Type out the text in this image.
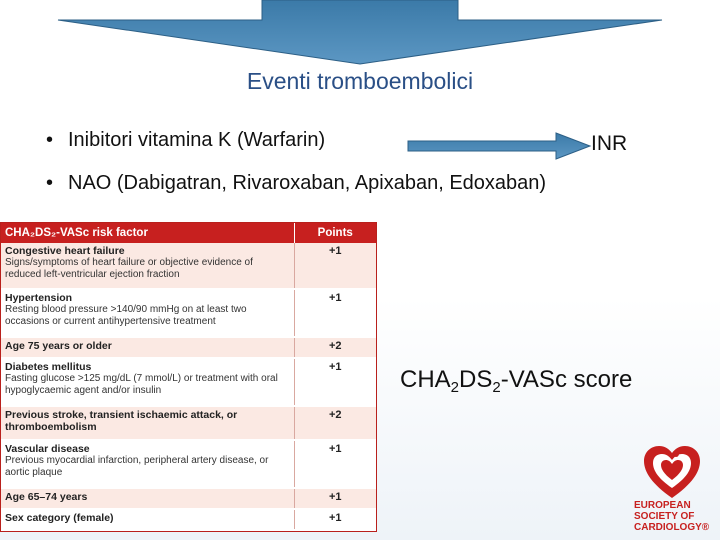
Eventi tromboembolici
• Inibitori vitamina K (Warfarin)	INR
• NAO (Dabigatran, Rivaroxaban, Apixaban, Edoxaban)
CHA₂DS₂-VASc risk factor	Points

Congestive heart failure
Signs/symptoms of heart failure or objective evidence of reduced left-ventricular ejection fraction	+1

Hypertension
Resting blood pressure >140/90 mmHg on at least two occasions or current antihypertensive treatment	+1

Age 75 years or older	+2

Diabetes mellitus
Fasting glucose >125 mg/dL (7 mmol/L) or treatment with oral hypoglycaemic agent and/or insulin	+1

Previous stroke, transient ischaemic attack, or thromboembolism	+2

Vascular disease
Previous myocardial infarction, peripheral artery disease, or aortic plaque	+1

Age 65–74 years	+1

Sex category (female)	+1
$CHA_2DS_2$-VASc score
EUROPEAN
SOCIETY OF
CARDIOLOGY®
